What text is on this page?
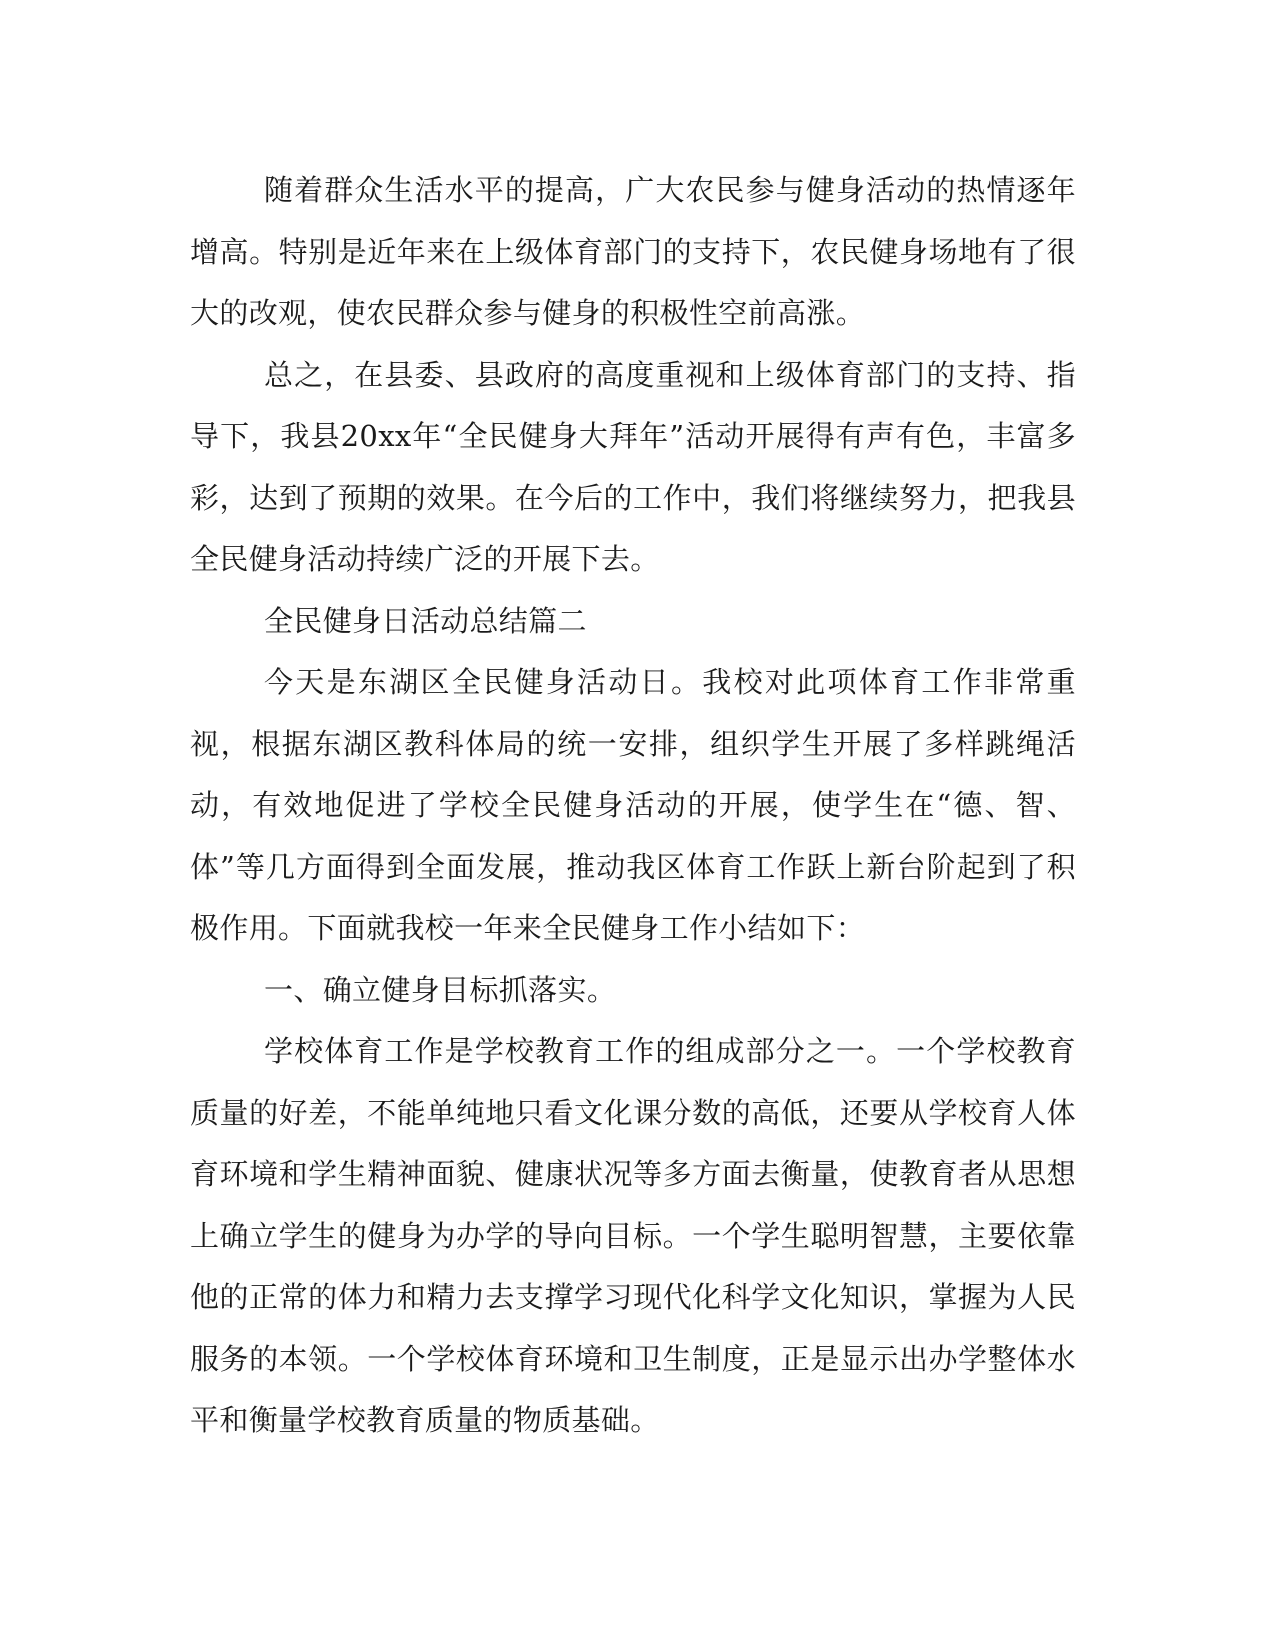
随着群众生活水平的提高，广大农民参与健身活动的热情逐年增高。特别是近年来在上级体育部门的支持下，农民健身场地有了很大的改观，使农民群众参与健身的积极性空前高涨。

总之，在县委、县政府的高度重视和上级体育部门的支持、指导下，我县20xx年“全民健身大拜年”活动开展得有声有色，丰富多彩，达到了预期的效果。在今后的工作中，我们将继续努力，把我县全民健身活动持续广泛的开展下去。

全民健身日活动总结篇二

今天是东湖区全民健身活动日。我校对此项体育工作非常重视，根据东湖区教科体局的统一安排，组织学生开展了多样跳绳活动，有效地促进了学校全民健身活动的开展，使学生在“德、智、体”等几方面得到全面发展，推动我区体育工作跃上新台阶起到了积极作用。下面就我校一年来全民健身工作小结如下：

一、确立健身目标抓落实。

学校体育工作是学校教育工作的组成部分之一。一个学校教育质量的好差，不能单纯地只看文化课分数的高低，还要从学校育人体育环境和学生精神面貌、健康状况等多方面去衡量，使教育者从思想上确立学生的健身为办学的导向目标。一个学生聪明智慧，主要依靠他的正常的体力和精力去支撑学习现代化科学文化知识，掌握为人民服务的本领。一个学校体育环境和卫生制度，正是显示出办学整体水平和衡量学校教育质量的物质基础。
